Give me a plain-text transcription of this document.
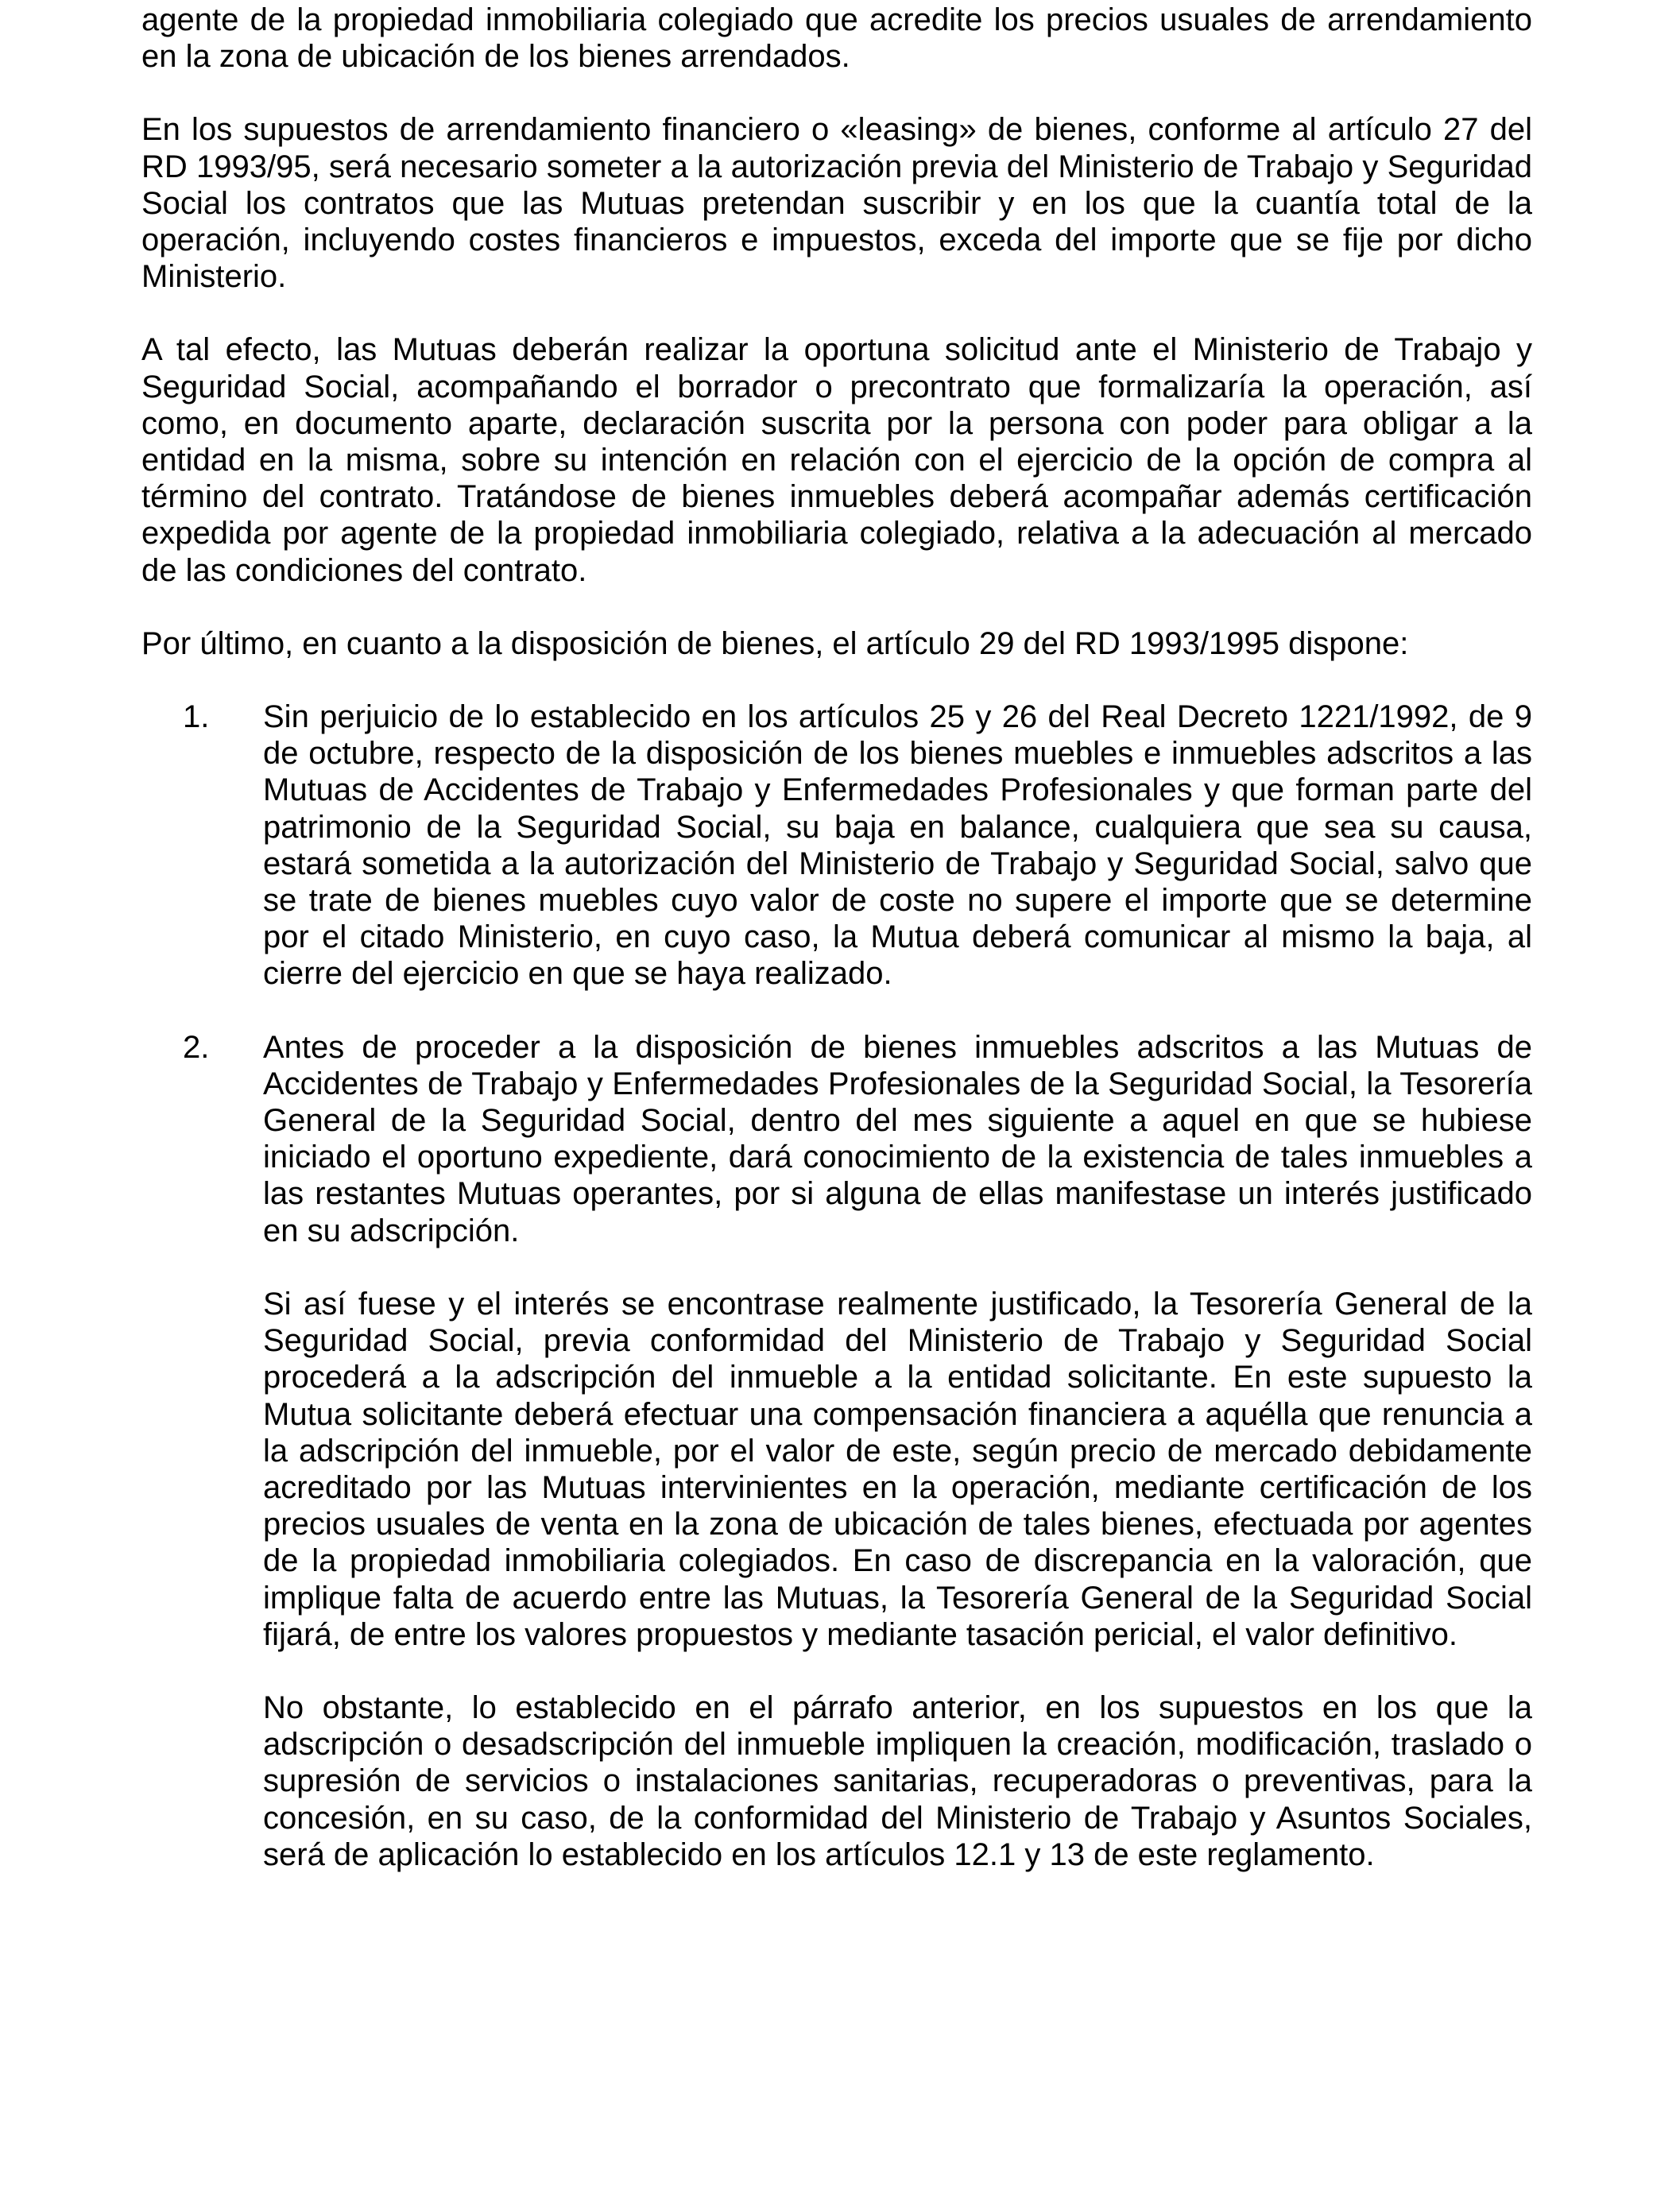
agente de la propiedad inmobiliaria colegiado que acredite los precios usuales de arrendamiento en la zona de ubicación de los bienes arrendados.

En los supuestos de arrendamiento financiero o «leasing» de bienes, conforme al artículo 27 del RD 1993/95, será necesario someter a la autorización previa del Ministerio de Trabajo y Seguridad Social los contratos que las Mutuas pretendan suscribir y en los que la cuantía total de la operación, incluyendo costes financieros e impuestos, exceda del importe que se fije por dicho Ministerio.

A tal efecto, las Mutuas deberán realizar la oportuna solicitud ante el Ministerio de Trabajo y Seguridad Social, acompañando el borrador o precontrato que formalizaría la operación, así como, en documento aparte, declaración suscrita por la persona con poder para obligar a la entidad en la misma, sobre su intención en relación con el ejercicio de la opción de compra al término del contrato. Tratándose de bienes inmuebles deberá acompañar además certificación expedida por agente de la propiedad inmobiliaria colegiado, relativa a la adecuación al mercado de las condiciones del contrato.

Por último, en cuanto a la disposición de bienes, el artículo 29 del RD 1993/1995 dispone:

1. Sin perjuicio de lo establecido en los artículos 25 y 26 del Real Decreto 1221/1992, de 9 de octubre, respecto de la disposición de los bienes muebles e inmuebles adscritos a las Mutuas de Accidentes de Trabajo y Enfermedades Profesionales y que forman parte del patrimonio de la Seguridad Social, su baja en balance, cualquiera que sea su causa, estará sometida a la autorización del Ministerio de Trabajo y Seguridad Social, salvo que se trate de bienes muebles cuyo valor de coste no supere el importe que se determine por el citado Ministerio, en cuyo caso, la Mutua deberá comunicar al mismo la baja, al cierre del ejercicio en que se haya realizado.

2. Antes de proceder a la disposición de bienes inmuebles adscritos a las Mutuas de Accidentes de Trabajo y Enfermedades Profesionales de la Seguridad Social, la Tesorería General de la Seguridad Social, dentro del mes siguiente a aquel en que se hubiese iniciado el oportuno expediente, dará conocimiento de la existencia de tales inmuebles a las restantes Mutuas operantes, por si alguna de ellas manifestase un interés justificado en su adscripción.

Si así fuese y el interés se encontrase realmente justificado, la Tesorería General de la Seguridad Social, previa conformidad del Ministerio de Trabajo y Seguridad Social procederá a la adscripción del inmueble a la entidad solicitante. En este supuesto la Mutua solicitante deberá efectuar una compensación financiera a aquélla que renuncia a la adscripción del inmueble, por el valor de este, según precio de mercado debidamente acreditado por las Mutuas intervinientes en la operación, mediante certificación de los precios usuales de venta en la zona de ubicación de tales bienes, efectuada por agentes de la propiedad inmobiliaria colegiados. En caso de discrepancia en la valoración, que implique falta de acuerdo entre las Mutuas, la Tesorería General de la Seguridad Social fijará, de entre los valores propuestos y mediante tasación pericial, el valor definitivo.

No obstante, lo establecido en el párrafo anterior, en los supuestos en los que la adscripción o desadscripción del inmueble impliquen la creación, modificación, traslado o supresión de servicios o instalaciones sanitarias, recuperadoras o preventivas, para la concesión, en su caso, de la conformidad del Ministerio de Trabajo y Asuntos Sociales, será de aplicación lo establecido en los artículos 12.1 y 13 de este reglamento.
